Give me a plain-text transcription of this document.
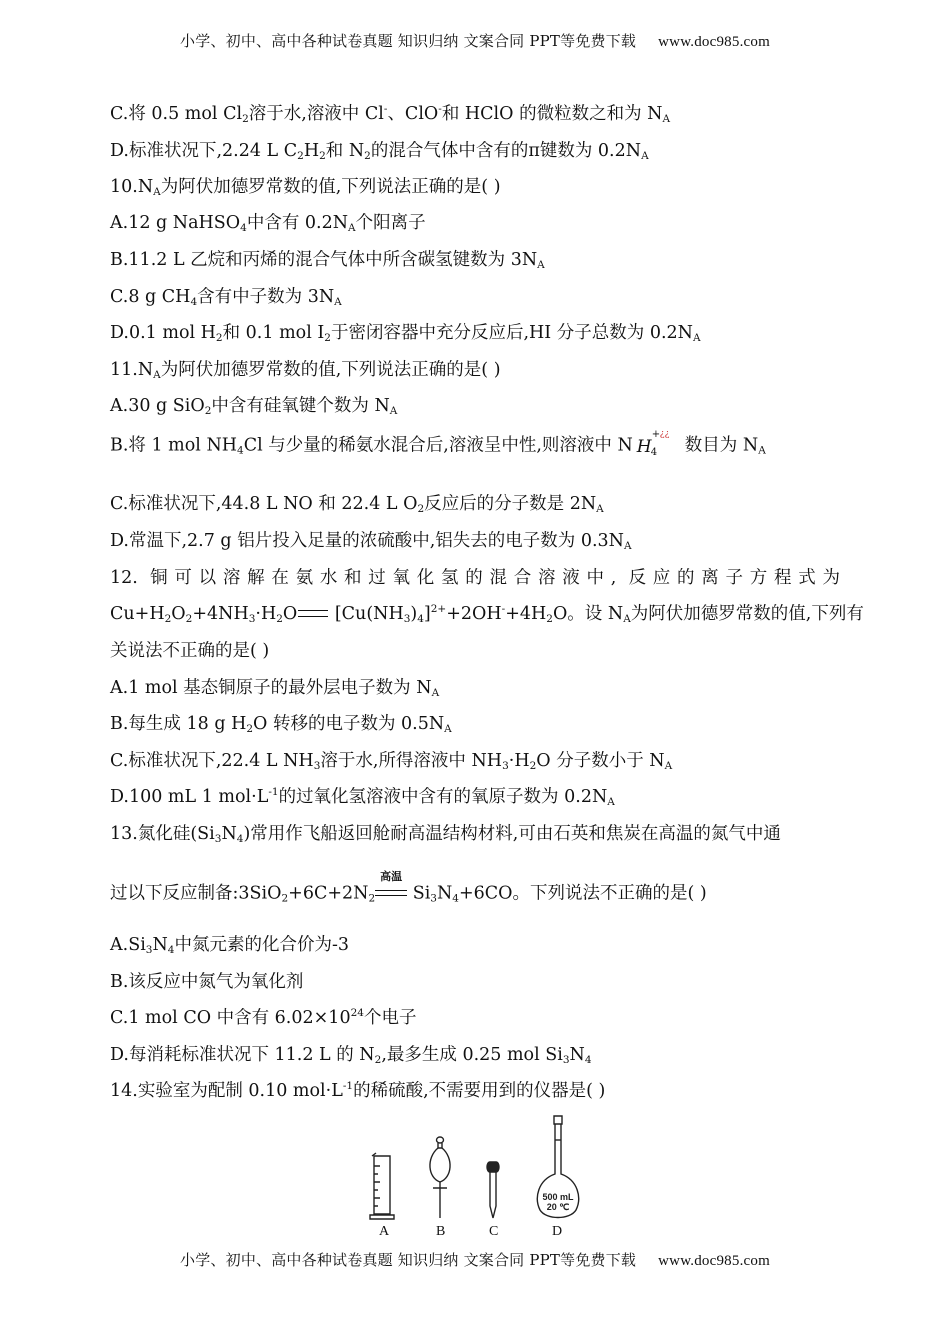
小学、初中、高中各种试卷真题 知识归纳 文案合同 PPT等免费下载 www.doc985.com
C.将 0.5 mol $Cl_2$溶于水,溶液中 Cl-、ClO-和 HClO 的微粒数之和为 $N_A$
D.标准状况下,2.24 L $C_2H_2$和 $N_2$的混合气体中含有的π键数为 $0.2N_A$
$10.N_A$为阿伏加德罗常数的值,下列说法正确的是( )
A.12 g NaHSO$_4$中含有 $0.2N_A$个阳离子
B.11.2 L 乙烷和丙烯的混合气体中所含碳氢键数为 $3N_A$
C.8 g $CH_4$含有中子数为 $3N_A$
D.0.1 mol $H_2$和 0.1 mol $I_2$于密闭容器中充分反应后,HI 分子总数为 $0.2N_A$
$11.N_A$为阿伏加德罗常数的值,下列说法正确的是( )
A.30 g SiO$_2$中含有硅氧键个数为 $N_A$
B.将 1 mol $NH_4Cl$ 与少量的稀氨水混合后,溶液呈中性,则溶液中 N H
+ ¿¿
4 数目为 $N_A$
C.标准状况下,44.8 L NO 和 22.4 L $O_2$反应后的分子数是 $2N_A$
D.常温下,2.7 g 铝片投入足量的浓硫酸中,铝失去的电子数为 $0.3N_A$
12. 铜可以溶解在氨水和过氧化氢的混合溶液中, 反应的离子方程式为
$Cu+H_2O_2+4NH_3\cdot H_2O$ $[Cu(NH_3)_4]^{2+}+2OH^-+4H_2O$。设 $N_A$为阿伏加德罗常数的值,下列有
关说法不正确的是( )
A.1 mol 基态铜原子的最外层电子数为 $N_A$
B.每生成 18 g $H_2O$ 转移的电子数为 $0.5N_A$
C.标准状况下,22.4 L $NH_3$溶于水,所得溶液中 $NH_3\cdot H_2O$ 分子数小于 $N_A$
D.100 mL 1 $mol\cdot L^{-1}$的过氧化氢溶液中含有的氧原子数为 $0.2N_A$
13.氮化硅$(Si_3N_4)$常用作飞船返回舱耐高温结构材料,可由石英和焦炭在高温的氮气中通
过以下反应制备$:3SiO_2+6C+2N_2$
高温
$Si_3N_4+6CO$。下列说法不正确的是( )
$A.Si_3N_4$中氮元素的化合价为-3
B.该反应中氮气为氧化剂
C.1 mol CO 中含有 $6.02\times 10^{24}$个电子
D.每消耗标准状况下 11.2 L 的 $N_2$,最多生成 0.25 mol $Si_3N_4$
14.实验室为配制 0.10 $mol\cdot L^{-1}$的稀硫酸,不需要用到的仪器是( )
500 mL
20 ℃
A	B	C	D
小学、初中、高中各种试卷真题 知识归纳 文案合同 PPT等免费下载 www.doc985.com
